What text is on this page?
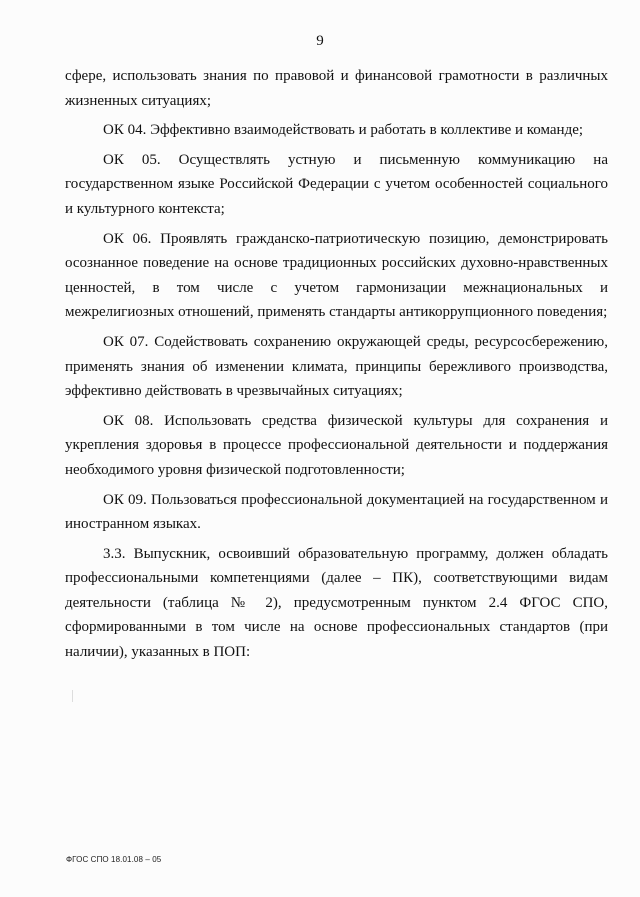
9

сфере, использовать знания по правовой и финансовой грамотности в различных жизненных ситуациях;

ОК 04. Эффективно взаимодействовать и работать в коллективе и команде;

ОК 05. Осуществлять устную и письменную коммуникацию на государственном языке Российской Федерации с учетом особенностей социального и культурного контекста;

ОК 06. Проявлять гражданско-патриотическую позицию, демонстрировать осознанное поведение на основе традиционных российских духовно-нравственных ценностей, в том числе с учетом гармонизации межнациональных и межрелигиозных отношений, применять стандарты антикоррупционного поведения;

ОК 07. Содействовать сохранению окружающей среды, ресурсосбережению, применять знания об изменении климата, принципы бережливого производства, эффективно действовать в чрезвычайных ситуациях;

ОК 08. Использовать средства физической культуры для сохранения и укрепления здоровья в процессе профессиональной деятельности и поддержания необходимого уровня физической подготовленности;

ОК 09. Пользоваться профессиональной документацией на государственном и иностранном языках.

3.3. Выпускник, освоивший образовательную программу, должен обладать профессиональными компетенциями (далее – ПК), соответствующими видам деятельности (таблица № 2), предусмотренным пунктом 2.4 ФГОС СПО, сформированными в том числе на основе профессиональных стандартов (при наличии), указанных в ПОП:

ФГОС СПО 18.01.08 – 05
